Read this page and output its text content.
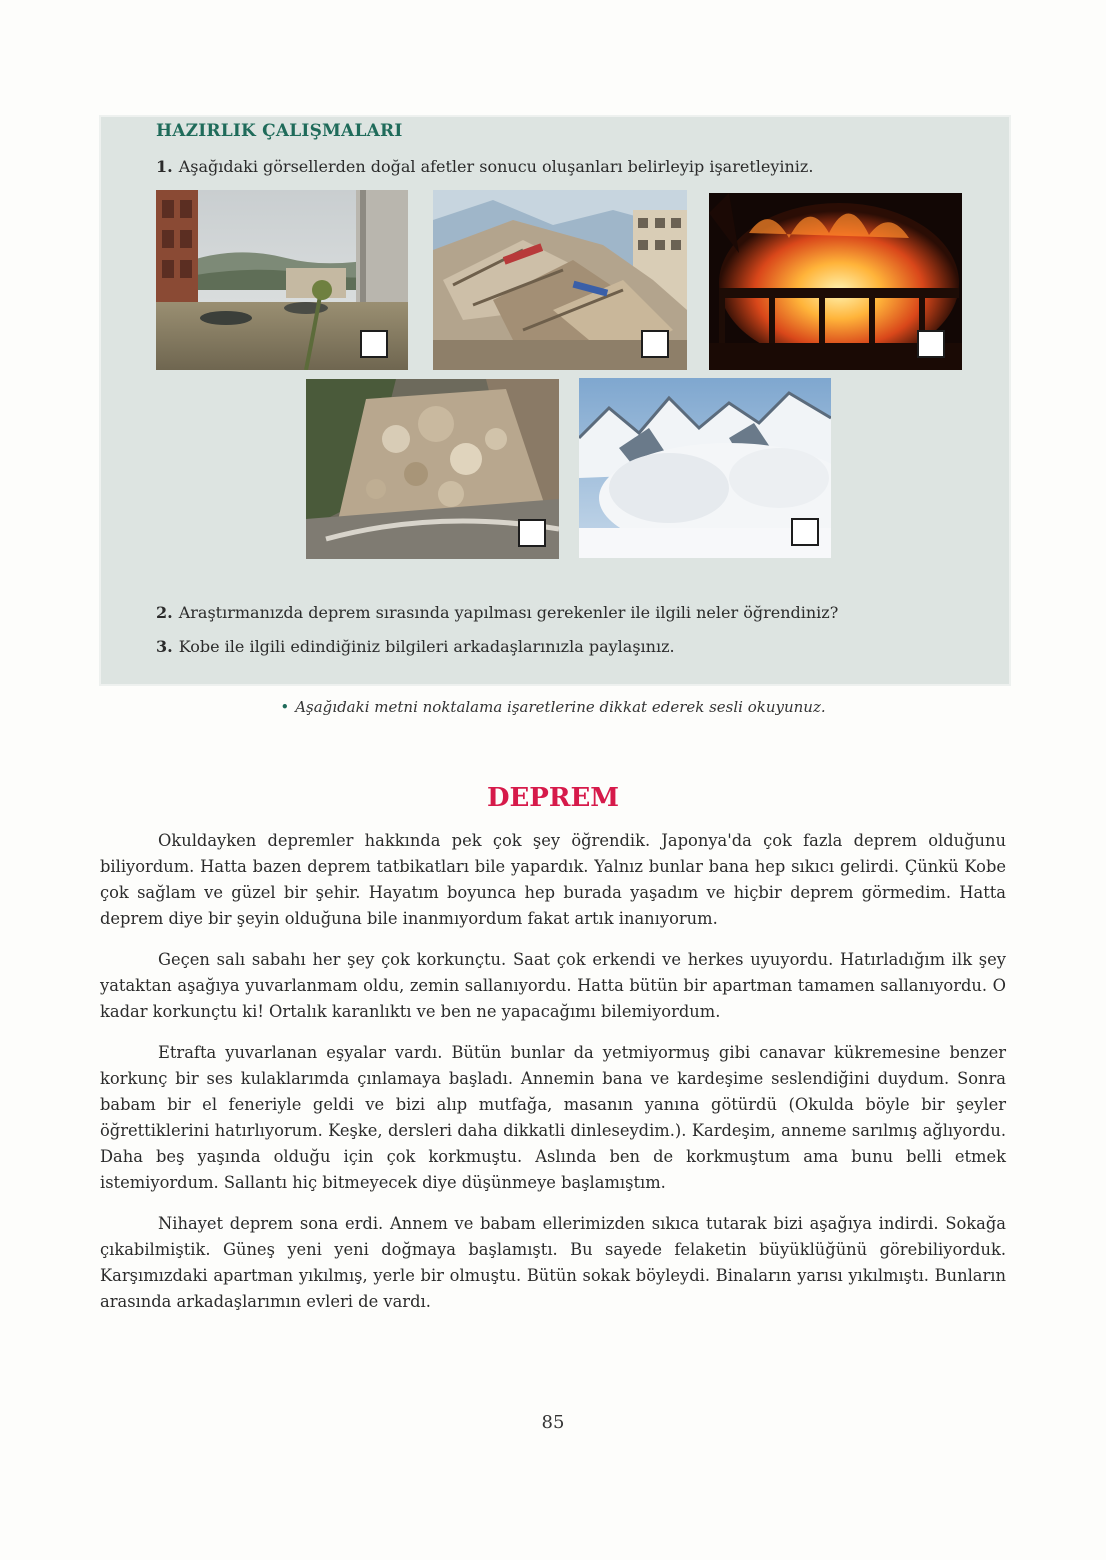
HAZIRLIK ÇALIŞMALARI
1. Aşağıdaki görsellerden doğal afetler sonucu oluşanları belirleyip işaretleyiniz.
2. Araştırmanızda deprem sırasında yapılması gerekenler ile ilgili neler öğrendiniz?
3. Kobe ile ilgili edindiğiniz bilgileri arkadaşlarınızla paylaşınız.
• Aşağıdaki metni noktalama işaretlerine dikkat ederek sesli okuyunuz.
DEPREM

Okuldayken depremler hakkında pek çok şey öğrendik. Japonya'da çok fazla deprem olduğunu biliyordum. Hatta bazen deprem tatbikatları bile yapardık. Yalnız bunlar bana hep sıkıcı gelirdi. Çünkü Kobe çok sağlam ve güzel bir şehir. Hayatım boyunca hep burada yaşadım ve hiçbir deprem görmedim. Hatta deprem diye bir şeyin olduğuna bile inanmıyordum fakat artık inanıyorum.

Geçen salı sabahı her şey çok korkunçtu. Saat çok erkendi ve herkes uyuyordu. Hatırladığım ilk şey yataktan aşağıya yuvarlanmam oldu, zemin sallanıyordu. Hatta bütün bir apartman tamamen sallanıyordu. O kadar korkunçtu ki! Ortalık karanlıktı ve ben ne yapacağımı bilemiyordum.

Etrafta yuvarlanan eşyalar vardı. Bütün bunlar da yetmiyormuş gibi canavar kükremesine benzer korkunç bir ses kulaklarımda çınlamaya başladı. Annemin bana ve kardeşime seslendiğini duydum. Sonra babam bir el feneriyle geldi ve bizi alıp mutfağa, masanın yanına götürdü (Okulda böyle bir şeyler öğrettiklerini hatırlıyorum. Keşke, dersleri daha dikkatli dinleseydim.). Kardeşim, anneme sarılmış ağlıyordu. Daha beş yaşında olduğu için çok korkmuştu. Aslında ben de korkmuştum ama bunu belli etmek istemiyordum. Sallantı hiç bitmeyecek diye düşünmeye başlamıştım.

Nihayet deprem sona erdi. Annem ve babam ellerimizden sıkıca tutarak bizi aşağıya indirdi. Sokağa çıkabilmiştik. Güneş yeni yeni doğmaya başlamıştı. Bu sayede felaketin büyüklüğünü görebiliyorduk. Karşımızdaki apartman yıkılmış, yerle bir olmuştu. Bütün sokak böyleydi. Binaların yarısı yıkılmıştı. Bunların arasında arkadaşlarımın evleri de vardı.

85
